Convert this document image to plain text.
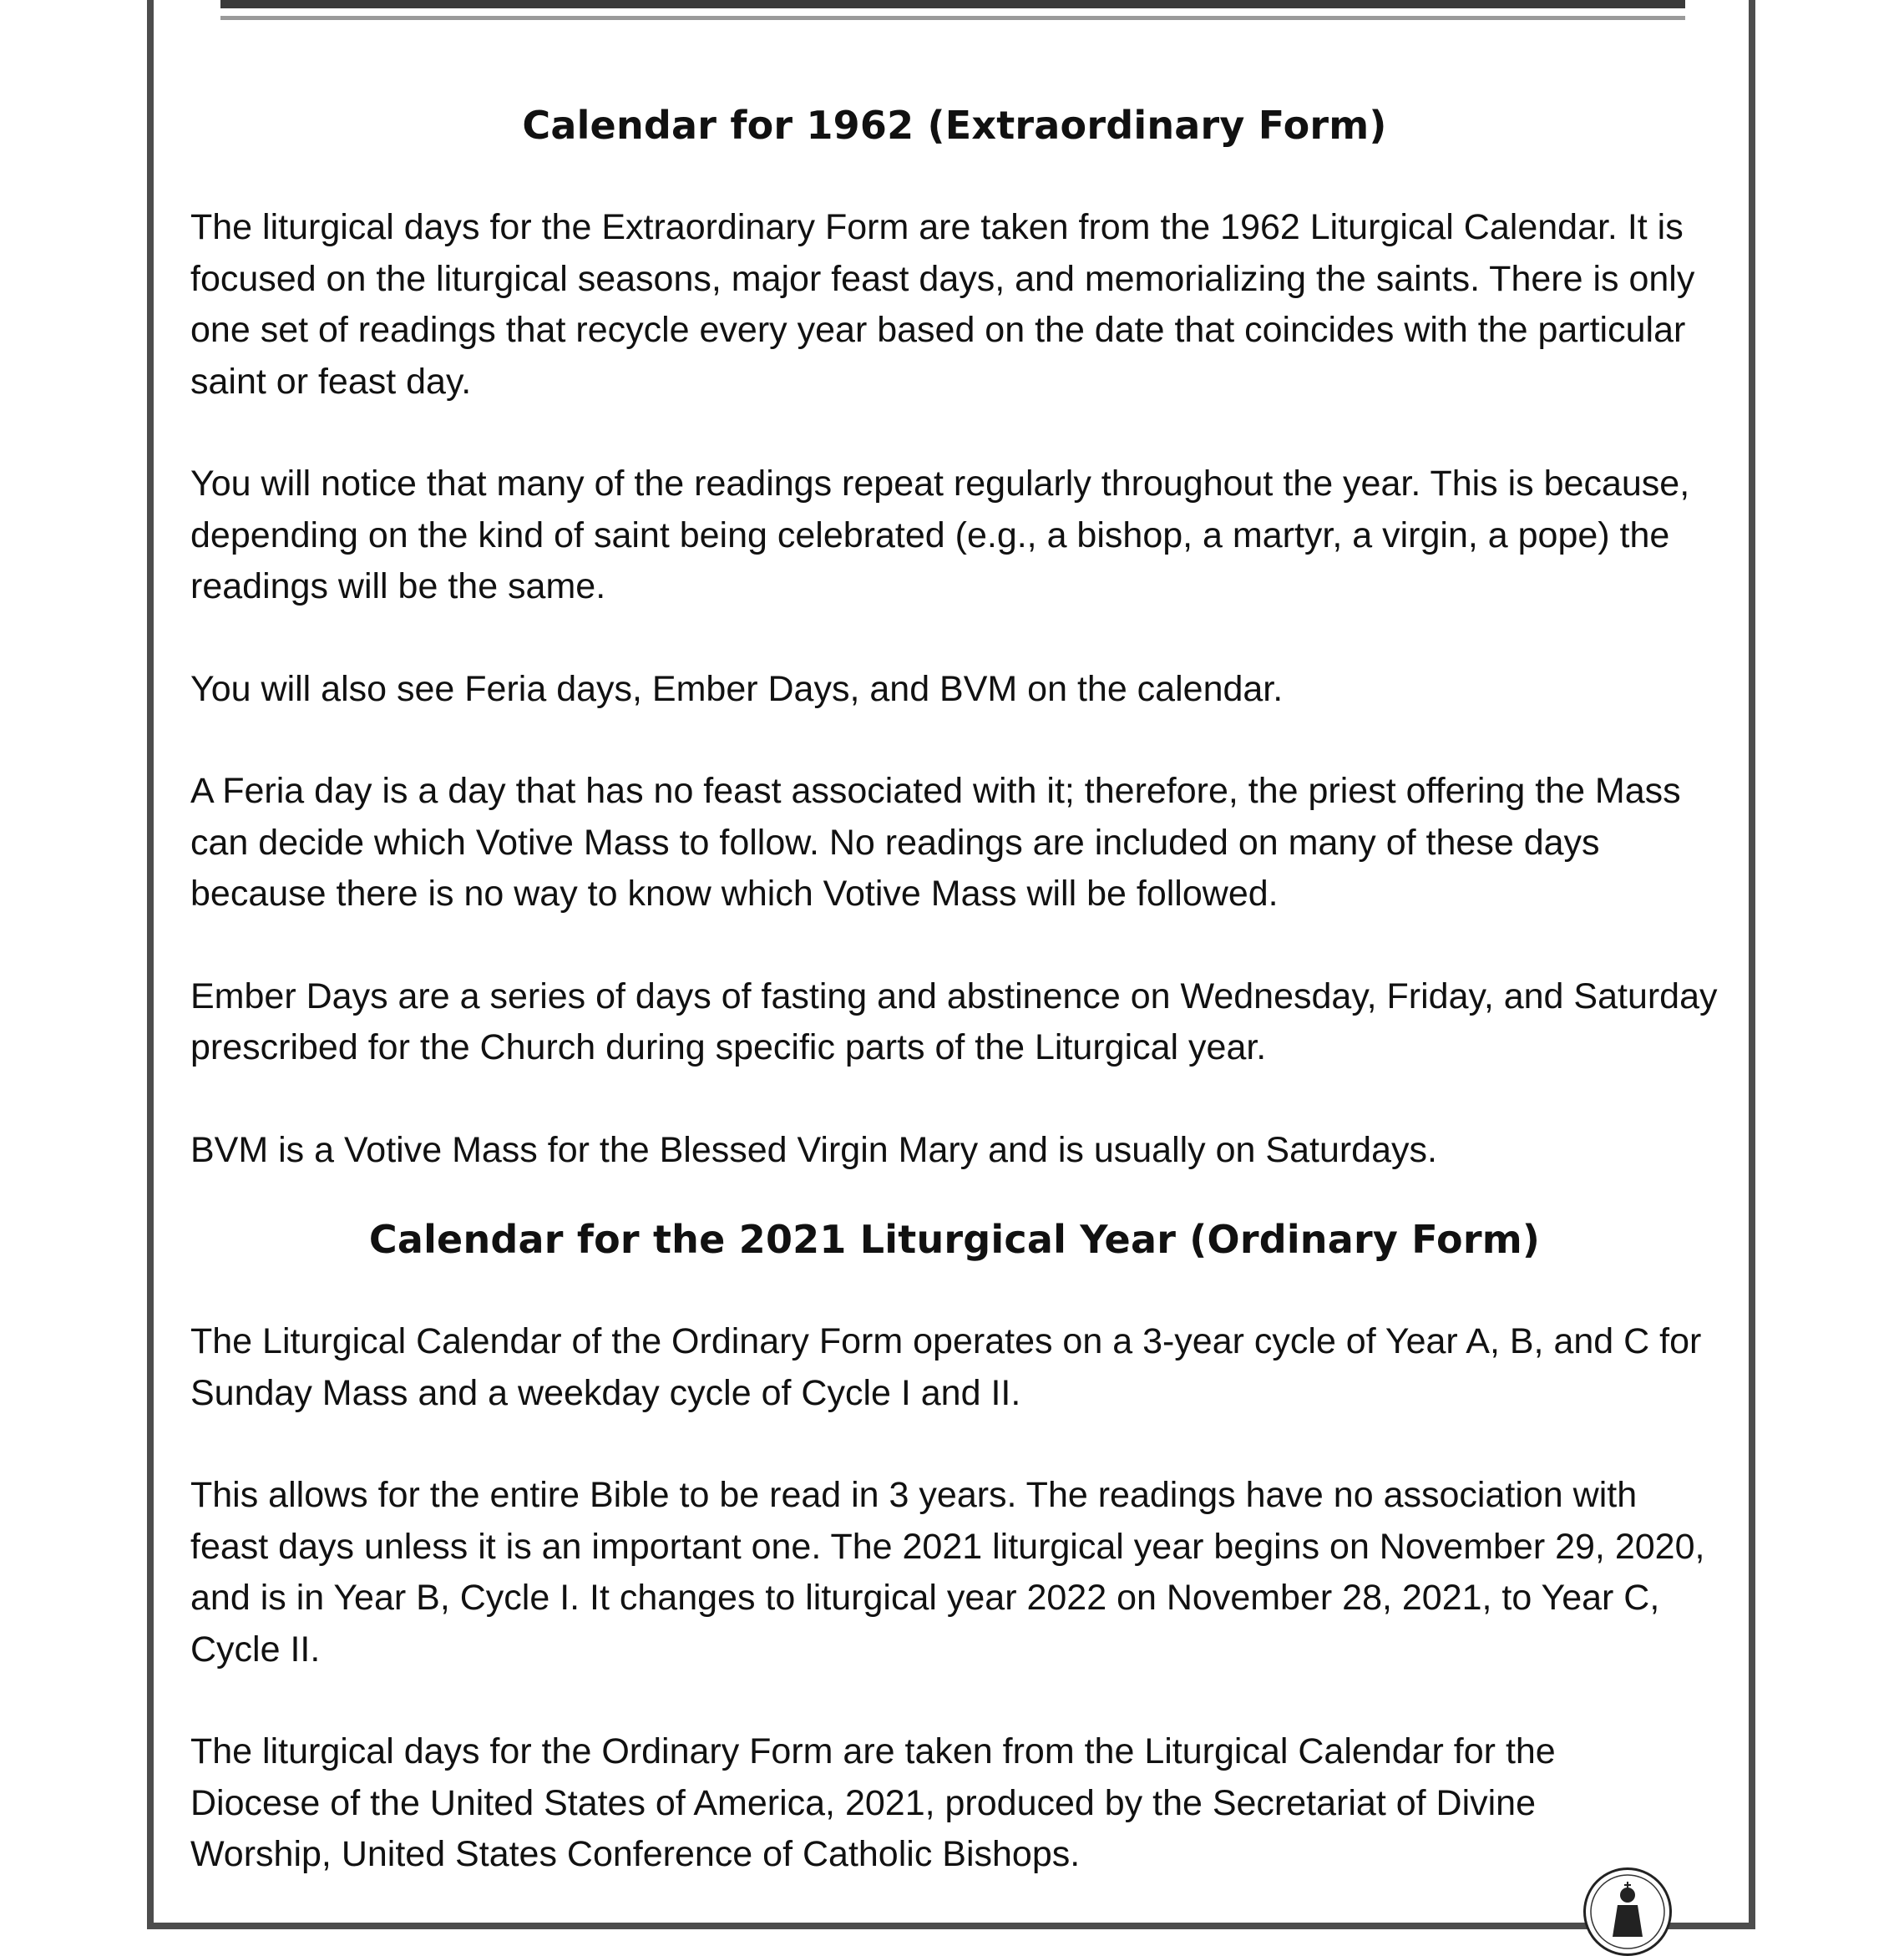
Calendar for 1962 (Extraordinary Form)

The liturgical days for the Extraordinary Form are taken from the 1962 Liturgical Calendar. It is focused on the liturgical seasons, major feast days, and memorializing the saints. There is only one set of readings that recycle every year based on the date that coincides with the particular saint or feast day.

You will notice that many of the readings repeat regularly throughout the year. This is because, depending on the kind of saint being celebrated (e.g., a bishop, a martyr, a virgin, a pope) the readings will be the same.

You will also see Feria days, Ember Days, and BVM on the calendar.

A Feria day is a day that has no feast associated with it; therefore, the priest offering the Mass can decide which Votive Mass to follow. No readings are included on many of these days because there is no way to know which Votive Mass will be followed.

Ember Days are a series of days of fasting and abstinence on Wednesday, Friday, and Saturday prescribed for the Church during specific parts of the Liturgical year.

BVM is a Votive Mass for the Blessed Virgin Mary and is usually on Saturdays.

Calendar for the 2021 Liturgical Year (Ordinary Form)

The Liturgical Calendar of the Ordinary Form operates on a 3-year cycle of Year A, B, and C for Sunday Mass and a weekday cycle of Cycle I and II.

This allows for the entire Bible to be read in 3 years. The readings have no association with feast days unless it is an important one. The 2021 liturgical year begins on November 29, 2020, and is in Year B, Cycle I. It changes to liturgical year 2022 on November 28, 2021, to Year C, Cycle II.

The liturgical days for the Ordinary Form are taken from the Liturgical Calendar for the Diocese of the United States of America, 2021, produced by the Secretariat of Divine Worship, United States Conference of Catholic Bishops.
